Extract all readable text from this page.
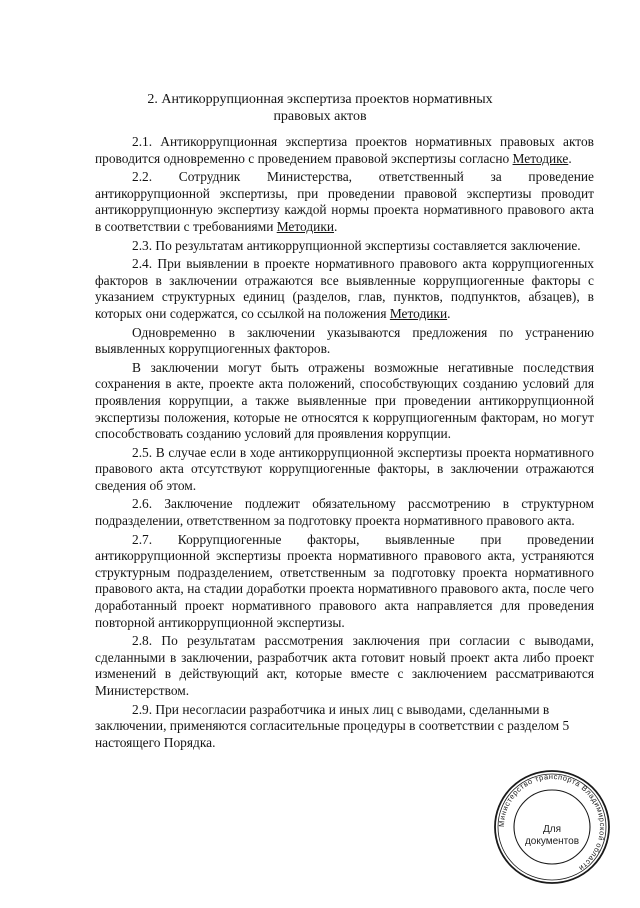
2. Антикоррупционная экспертиза проектов нормативных
правовых актов

2.1. Антикоррупционная экспертиза проектов нормативных правовых актов проводится одновременно с проведением правовой экспертизы согласно Методике.

2.2. Сотрудник Министерства, ответственный за проведение антикоррупционной экспертизы, при проведении правовой экспертизы проводит антикоррупционную экспертизу каждой нормы проекта нормативного правового акта в соответствии с требованиями Методики.

2.3. По результатам антикоррупционной экспертизы составляется заключение.

2.4. При выявлении в проекте нормативного правового акта коррупциогенных факторов в заключении отражаются все выявленные коррупциогенные факторы с указанием структурных единиц (разделов, глав, пунктов, подпунктов, абзацев), в которых они содержатся, со ссылкой на положения Методики.

Одновременно в заключении указываются предложения по устранению выявленных коррупциогенных факторов.

В заключении могут быть отражены возможные негативные последствия сохранения в акте, проекте акта положений, способствующих созданию условий для проявления коррупции, а также выявленные при проведении антикоррупционной экспертизы положения, которые не относятся к коррупциогенным факторам, но могут способствовать созданию условий для проявления коррупции.

2.5. В случае если в ходе антикоррупционной экспертизы проекта нормативного правового акта отсутствуют коррупциогенные факторы, в заключении отражаются сведения об этом.

2.6. Заключение подлежит обязательному рассмотрению в структурном подразделении, ответственном за подготовку проекта нормативного правового акта.

2.7. Коррупциогенные факторы, выявленные при проведении антикоррупционной экспертизы проекта нормативного правового акта, устраняются структурным подразделением, ответственным за подготовку проекта нормативного правового акта, на стадии доработки проекта нормативного правового акта, после чего доработанный проект нормативного правового акта направляется для проведения повторной антикоррупционной экспертизы.

2.8. По результатам рассмотрения заключения при согласии с выводами, сделанными в заключении, разработчик акта готовит новый проект акта либо проект изменений в действующий акт, которые вместе с заключением рассматриваются Министерством.

2.9. При несогласии разработчика и иных лиц с выводами, сделанными в заключении, применяются согласительные процедуры в соответствии с разделом 5 настоящего Порядка.

Министерство транспорта Владимирской области
Для
документов
